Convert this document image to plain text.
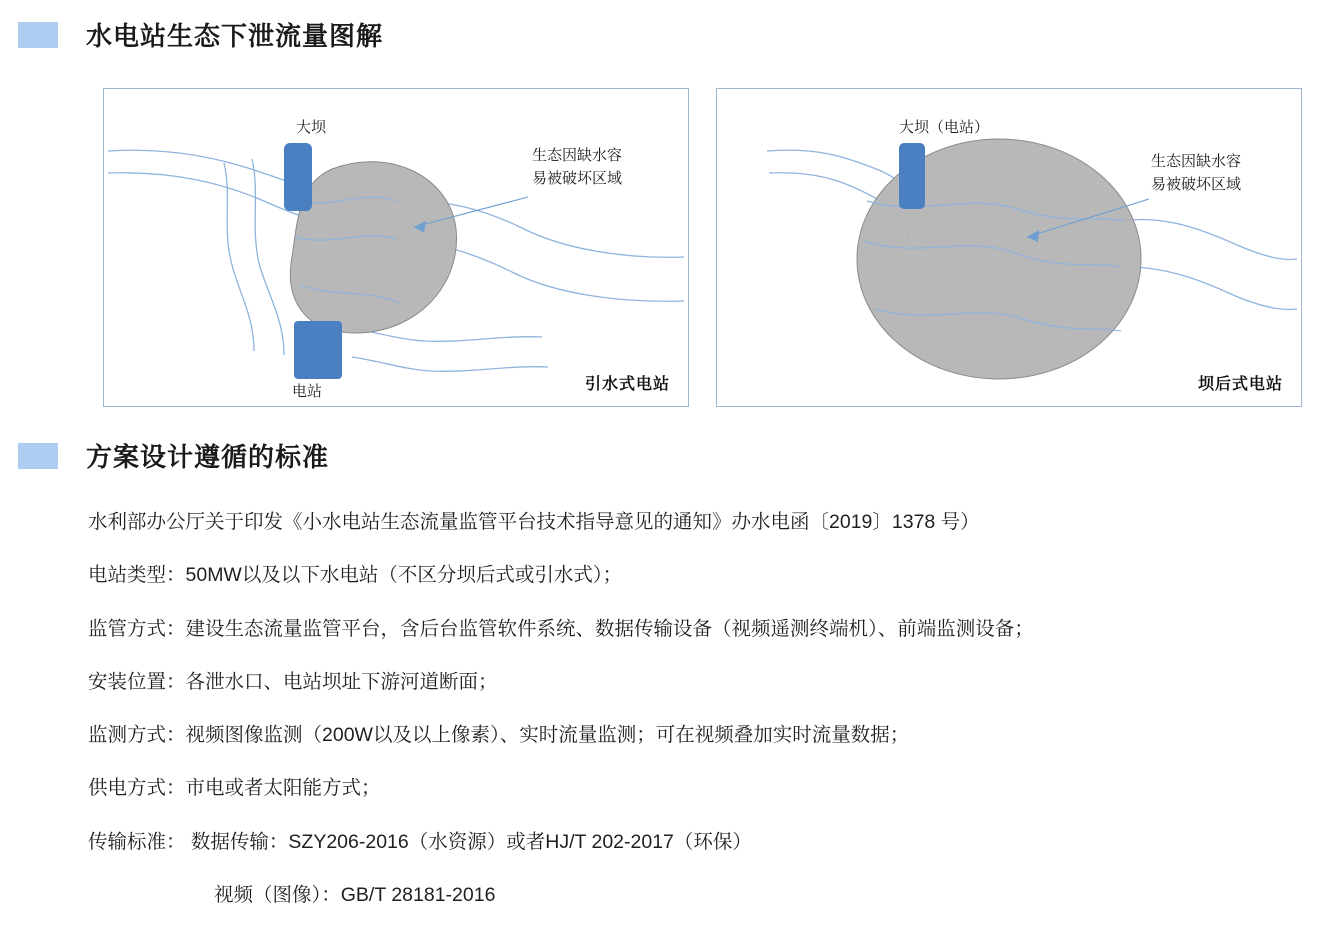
水电站生态下泄流量图解
大坝
电站
生态因缺水容
易被破坏区域
引水式电站
大坝（电站）
生态因缺水容
易被破坏区域
坝后式电站
方案设计遵循的标准
水利部办公厅关于印发《小水电站生态流量监管平台技术指导意见的通知》办水电函〔2019〕1378 号）
电站类型：50MW以及以下水电站（不区分坝后式或引水式）；
监管方式：建设生态流量监管平台，含后台监管软件系统、数据传输设备（视频遥测终端机）、前端监测设备；
安装位置：各泄水口、电站坝址下游河道断面；
监测方式：视频图像监测（200W以及以上像素）、实时流量监测；可在视频叠加实时流量数据；
供电方式：市电或者太阳能方式；
传输标准： 数据传输：SZY206-2016（水资源）或者HJ/T 202-2017（环保）
视频（图像）：GB/T 28181-2016
